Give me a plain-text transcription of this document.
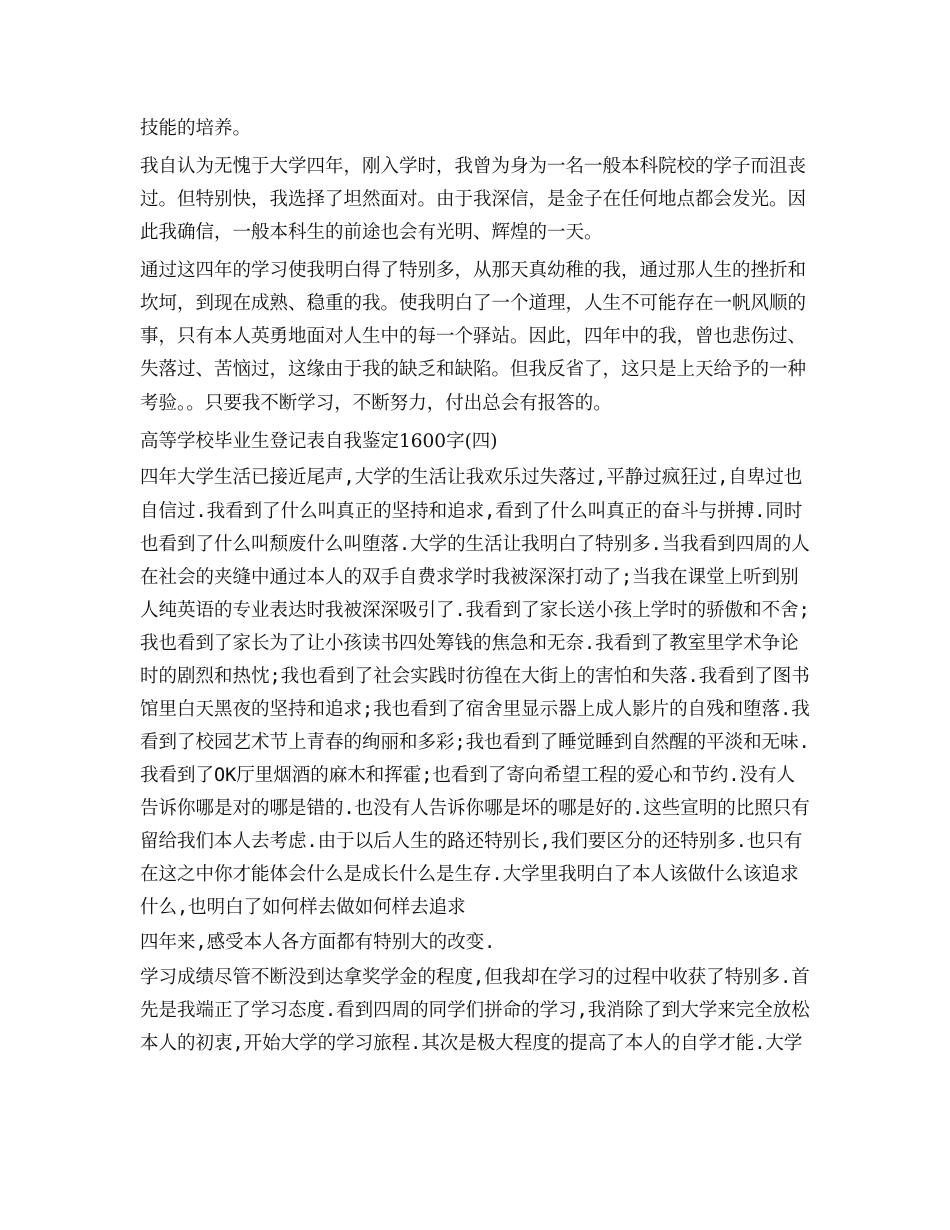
技能的培养。
我自认为无愧于大学四年，刚入学时，我曾为身为一名一般本科院校的学子而沮丧
过。但特别快，我选择了坦然面对。由于我深信，是金子在任何地点都会发光。因
此我确信，一般本科生的前途也会有光明、辉煌的一天。
通过这四年的学习使我明白得了特别多，从那天真幼稚的我，通过那人生的挫折和
坎坷，到现在成熟、稳重的我。使我明白了一个道理，人生不可能存在一帆风顺的
事，只有本人英勇地面对人生中的每一个驿站。因此，四年中的我，曾也悲伤过、
失落过、苦恼过，这缘由于我的缺乏和缺陷。但我反省了，这只是上天给予的一种
考验。。只要我不断学习，不断努力，付出总会有报答的。
高等学校毕业生登记表自我鉴定1600字(四)
四年大学生活已接近尾声,大学的生活让我欢乐过失落过,平静过疯狂过,自卑过也
自信过.我看到了什么叫真正的坚持和追求,看到了什么叫真正的奋斗与拼搏.同时
也看到了什么叫颓废什么叫堕落.大学的生活让我明白了特别多.当我看到四周的人
在社会的夹缝中通过本人的双手自费求学时我被深深打动了;当我在课堂上听到别
人纯英语的专业表达时我被深深吸引了.我看到了家长送小孩上学时的骄傲和不舍;
我也看到了家长为了让小孩读书四处筹钱的焦急和无奈.我看到了教室里学术争论
时的剧烈和热忱;我也看到了社会实践时彷徨在大街上的害怕和失落.我看到了图书
馆里白天黑夜的坚持和追求;我也看到了宿舍里显示器上成人影片的自残和堕落.我
看到了校园艺术节上青春的绚丽和多彩;我也看到了睡觉睡到自然醒的平淡和无味.
我看到了OK厅里烟酒的麻木和挥霍;也看到了寄向希望工程的爱心和节约.没有人
告诉你哪是对的哪是错的.也没有人告诉你哪是坏的哪是好的.这些宣明的比照只有
留给我们本人去考虑.由于以后人生的路还特别长,我们要区分的还特别多.也只有
在这之中你才能体会什么是成长什么是生存.大学里我明白了本人该做什么该追求
什么,也明白了如何样去做如何样去追求
四年来,感受本人各方面都有特别大的改变.
学习成绩尽管不断没到达拿奖学金的程度,但我却在学习的过程中收获了特别多.首
先是我端正了学习态度.看到四周的同学们拼命的学习,我消除了到大学来完全放松
本人的初衷,开始大学的学习旅程.其次是极大程度的提高了本人的自学才能.大学
